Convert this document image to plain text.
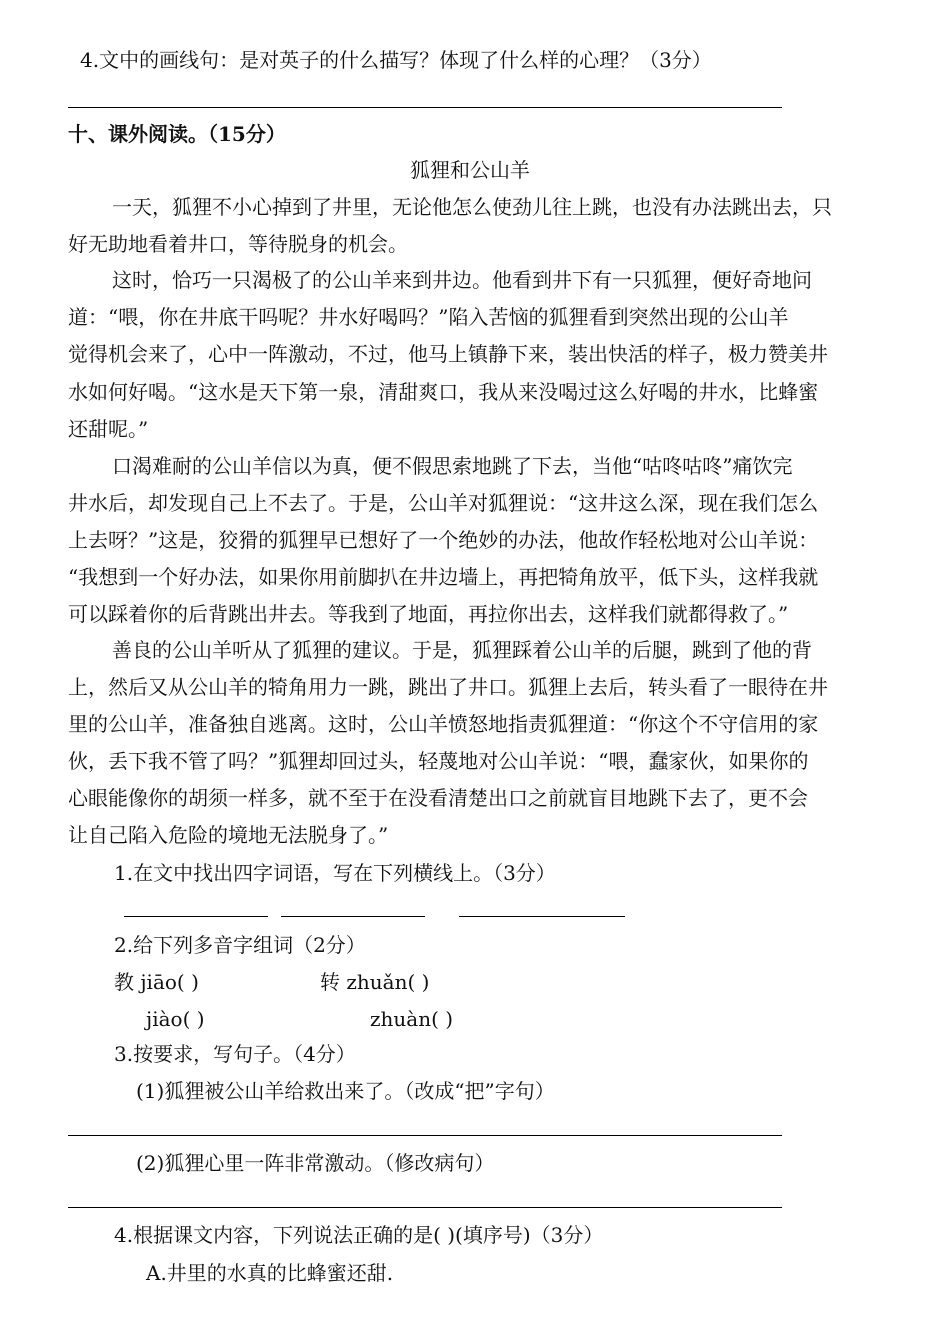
4.文中的画线句：是对英子的什么描写？体现了什么样的心理？（3分）
十、课外阅读。（15分）
狐狸和公山羊
一天，狐狸不小心掉到了井里，无论他怎么使劲儿往上跳，也没有办法跳出去，只
好无助地看着井口，等待脱身的机会。
这时，恰巧一只渴极了的公山羊来到井边。他看到井下有一只狐狸，便好奇地问
道：“喂，你在井底干吗呢？井水好喝吗？”陷入苦恼的狐狸看到突然出现的公山羊
觉得机会来了，心中一阵激动，不过，他马上镇静下来，装出快活的样子，极力赞美井
水如何好喝。“这水是天下第一泉，清甜爽口，我从来没喝过这么好喝的井水，比蜂蜜
还甜呢。”
口渴难耐的公山羊信以为真，便不假思索地跳了下去，当他“咕咚咕咚”痛饮完
井水后，却发现自己上不去了。于是，公山羊对狐狸说：“这井这么深，现在我们怎么
上去呀？”这是，狡猾的狐狸早已想好了一个绝妙的办法，他故作轻松地对公山羊说：
“我想到一个好办法，如果你用前脚扒在井边墙上，再把犄角放平，低下头，这样我就
可以踩着你的后背跳出井去。等我到了地面，再拉你出去，这样我们就都得救了。”
善良的公山羊听从了狐狸的建议。于是，狐狸踩着公山羊的后腿，跳到了他的背
上，然后又从公山羊的犄角用力一跳，跳出了井口。狐狸上去后，转头看了一眼待在井
里的公山羊，准备独自逃离。这时，公山羊愤怒地指责狐狸道：“你这个不守信用的家
伙，丢下我不管了吗？”狐狸却回过头，轻蔑地对公山羊说：“喂，蠢家伙，如果你的
心眼能像你的胡须一样多，就不至于在没看清楚出口之前就盲目地跳下去了，更不会
让自己陷入危险的境地无法脱身了。”
1.在文中找出四字词语，写在下列横线上。（3分）
2.给下列多音字组词（2分）
教 jiāo( )	转 zhuǎn( )
jiào( )	zhuàn( )
3.按要求，写句子。（4分）
(1)狐狸被公山羊给救出来了。（改成“把”字句）
(2)狐狸心里一阵非常激动。（修改病句）
4.根据课文内容，下列说法正确的是( )(填序号)（3分）
A.井里的水真的比蜂蜜还甜.
